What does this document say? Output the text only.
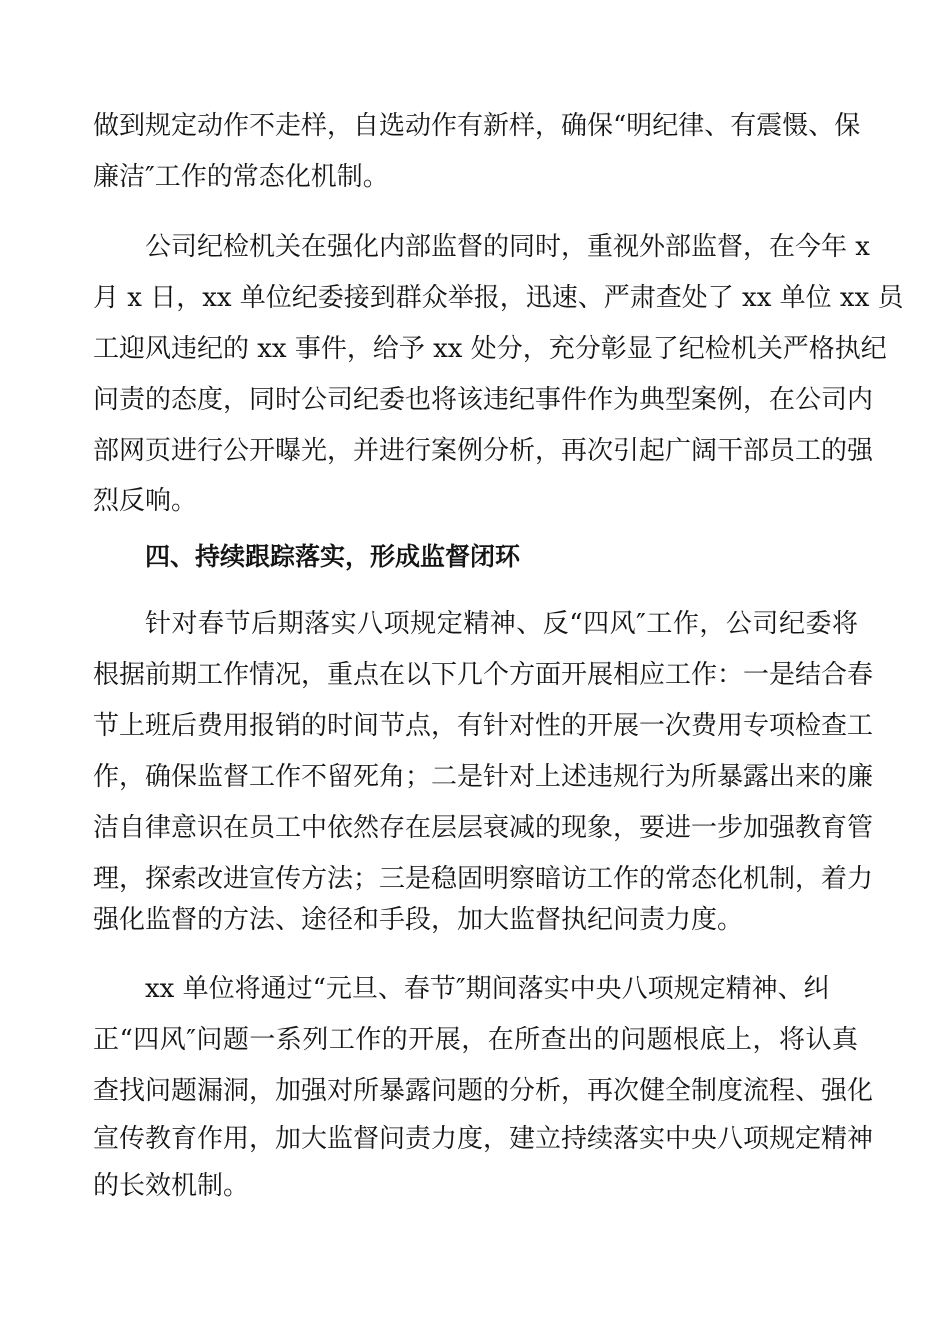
做到规定动作不走样，自选动作有新样，确保“明纪律、有震慑、保
廉洁″工作的常态化机制。
公司纪检机关在强化内部监督的同时，重视外部监督，在今年 x
月 x 日，xx 单位纪委接到群众举报，迅速、严肃查处了 xx 单位 xx 员
工迎风违纪的 xx 事件，给予 xx 处分，充分彰显了纪检机关严格执纪
问责的态度，同时公司纪委也将该违纪事件作为典型案例，在公司内
部网页进行公开曝光，并进行案例分析，再次引起广阔干部员工的强
烈反响。
四、持续跟踪落实，形成监督闭环
针对春节后期落实八项规定精神、反“四风″工作，公司纪委将
根据前期工作情况，重点在以下几个方面开展相应工作：一是结合春
节上班后费用报销的时间节点，有针对性的开展一次费用专项检查工
作，确保监督工作不留死角；二是针对上述违规行为所暴露出来的廉
洁自律意识在员工中依然存在层层衰减的现象，要进一步加强教育管
理，探索改进宣传方法；三是稳固明察暗访工作的常态化机制，着力
强化监督的方法、途径和手段，加大监督执纪问责力度。
xx 单位将通过“元旦、春节″期间落实中央八项规定精神、纠
正“四风″问题一系列工作的开展，在所查出的问题根底上，将认真
查找问题漏洞，加强对所暴露问题的分析，再次健全制度流程、强化
宣传教育作用，加大监督问责力度，建立持续落实中央八项规定精神
的长效机制。
